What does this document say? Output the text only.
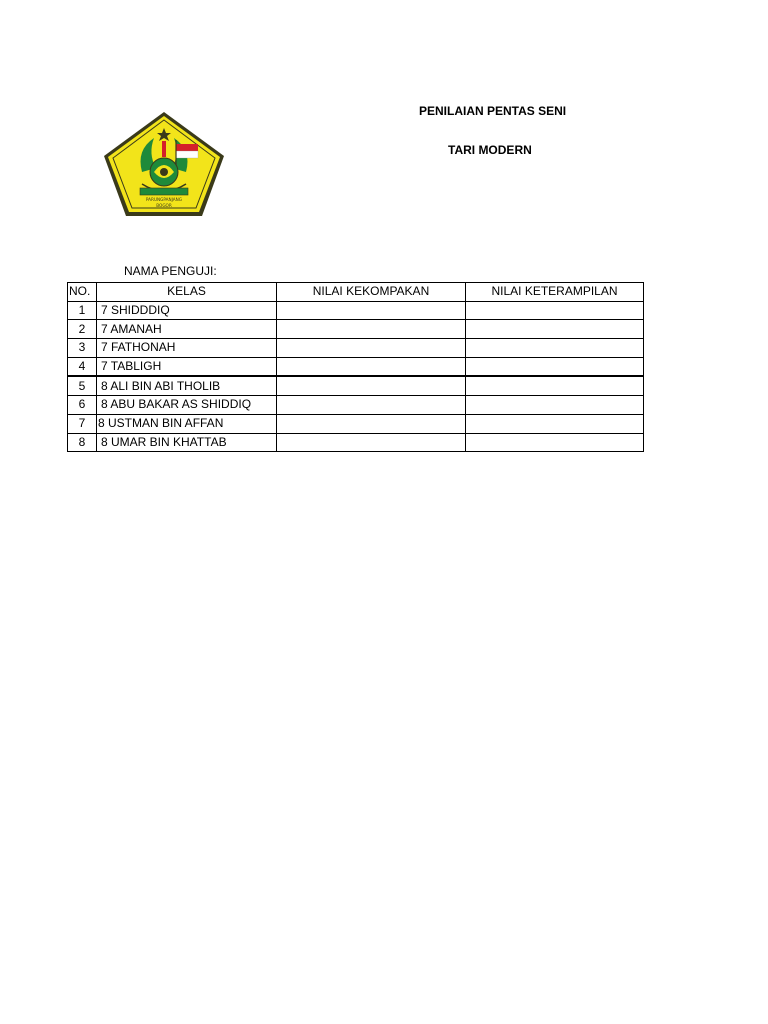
PENILAIAN PENTAS SENI
TARI MODERN
PARUNGPANJANG
BOGOR
NAMA PENGUJI:
NO.	KELAS	NILAI KEKOMPAKAN	NILAI KETERAMPILAN
1	7 SHIDDDIQ		
2	7 AMANAH		
3	7 FATHONAH		
4	7 TABLIGH		
5	8 ALI BIN ABI THOLIB		
6	8 ABU BAKAR AS SHIDDIQ		
7	8 USTMAN BIN AFFAN		
8	8 UMAR BIN KHATTAB		
